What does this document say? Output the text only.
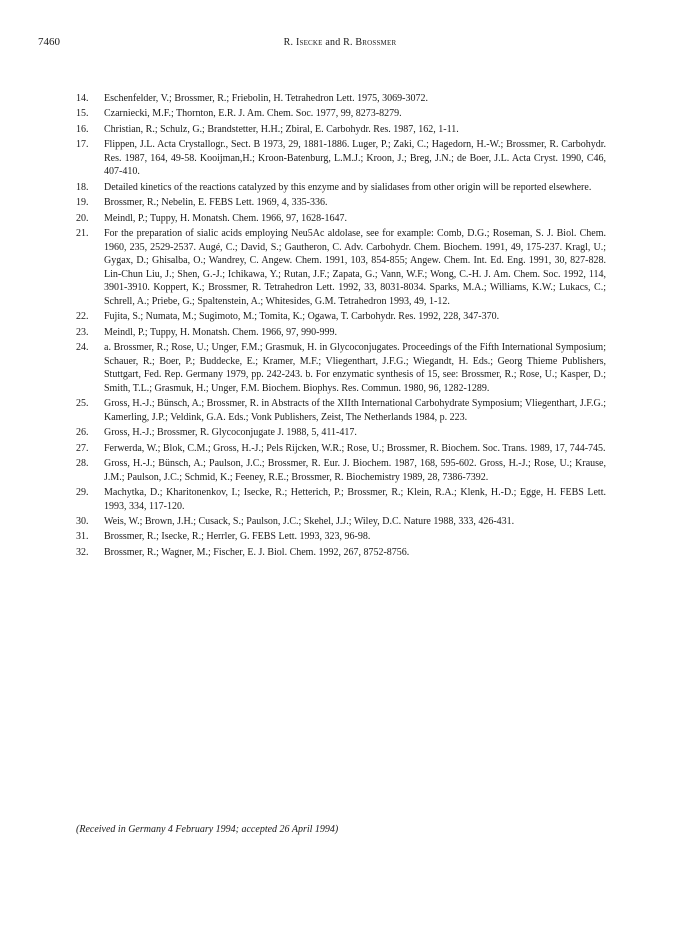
7460	R. Isecke and R. Brossmer
14. Eschenfelder, V.; Brossmer, R.; Friebolin, H. Tetrahedron Lett. 1975, 3069-3072.
15. Czarniecki, M.F.; Thornton, E.R. J. Am. Chem. Soc. 1977, 99, 8273-8279.
16. Christian, R.; Schulz, G.; Brandstetter, H.H.; Zbiral, E. Carbohydr. Res. 1987, 162, 1-11.
17. Flippen, J.L. Acta Crystallogr., Sect. B 1973, 29, 1881-1886. Luger, P.; Zaki, C.; Hagedorn, H.-W.; Brossmer, R. Carbohydr. Res. 1987, 164, 49-58. Kooijman,H.; Kroon-Batenburg, L.M.J.; Kroon, J.; Breg, J.N.; de Boer, J.L. Acta Cryst. 1990, C46, 407-410.
18. Detailed kinetics of the reactions catalyzed by this enzyme and by sialidases from other origin will be reported elsewhere.
19. Brossmer, R.; Nebelin, E. FEBS Lett. 1969, 4, 335-336.
20. Meindl, P.; Tuppy, H. Monatsh. Chem. 1966, 97, 1628-1647.
21. For the preparation of sialic acids employing Neu5Ac aldolase, see for example: Comb, D.G.; Roseman, S. J. Biol. Chem. 1960, 235, 2529-2537. Augé, C.; David, S.; Gautheron, C. Adv. Carbohydr. Chem. Biochem. 1991, 49, 175-237. Kragl, U.; Gygax, D.; Ghisalba, O.; Wandrey, C. Angew. Chem. 1991, 103, 854-855; Angew. Chem. Int. Ed. Eng. 1991, 30, 827-828. Lin-Chun Liu, J.; Shen, G.-J.; Ichikawa, Y.; Rutan, J.F.; Zapata, G.; Vann, W.F.; Wong, C.-H. J. Am. Chem. Soc. 1992, 114, 3901-3910. Koppert, K.; Brossmer, R. Tetrahedron Lett. 1992, 33, 8031-8034. Sparks, M.A.; Williams, K.W.; Lukacs, C.; Schrell, A.; Priebe, G.; Spaltenstein, A.; Whitesides, G.M. Tetrahedron 1993, 49, 1-12.
22. Fujita, S.; Numata, M.; Sugimoto, M.; Tomita, K.; Ogawa, T. Carbohydr. Res. 1992, 228, 347-370.
23. Meindl, P.; Tuppy, H. Monatsh. Chem. 1966, 97, 990-999.
24. a. Brossmer, R.; Rose, U.; Unger, F.M.; Grasmuk, H. in Glycoconjugates. Proceedings of the Fifth International Symposium; Schauer, R.; Boer, P.; Buddecke, E.; Kramer, M.F.; Vliegenthart, J.F.G.; Wiegandt, H. Eds.; Georg Thieme Publishers, Stuttgart, Fed. Rep. Germany 1979, pp. 242-243. b. For enzymatic synthesis of 15, see: Brossmer, R.; Rose, U.; Kasper, D.; Smith, T.L.; Grasmuk, H.; Unger, F.M. Biochem. Biophys. Res. Commun. 1980, 96, 1282-1289.
25. Gross, H.-J.; Bünsch, A.; Brossmer, R. in Abstracts of the XIIth International Carbohydrate Symposium; Vliegenthart, J.F.G.; Kamerling, J.P.; Veldink, G.A. Eds.; Vonk Publishers, Zeist, The Netherlands 1984, p. 223.
26. Gross, H.-J.; Brossmer, R. Glycoconjugate J. 1988, 5, 411-417.
27. Ferwerda, W.; Blok, C.M.; Gross, H.-J.; Pels Rijcken, W.R.; Rose, U.; Brossmer, R. Biochem. Soc. Trans. 1989, 17, 744-745.
28. Gross, H.-J.; Bünsch, A.; Paulson, J.C.; Brossmer, R. Eur. J. Biochem. 1987, 168, 595-602. Gross, H.-J.; Rose, U.; Krause, J.M.; Paulson, J.C.; Schmid, K.; Feeney, R.E.; Brossmer, R. Biochemistry 1989, 28, 7386-7392.
29. Machytka, D.; Kharitonenkov, I.; Isecke, R.; Hetterich, P.; Brossmer, R.; Klein, R.A.; Klenk, H.-D.; Egge, H. FEBS Lett. 1993, 334, 117-120.
30. Weis, W.; Brown, J.H.; Cusack, S.; Paulson, J.C.; Skehel, J.J.; Wiley, D.C. Nature 1988, 333, 426-431.
31. Brossmer, R.; Isecke, R.; Herrler, G. FEBS Lett. 1993, 323, 96-98.
32. Brossmer, R.; Wagner, M.; Fischer, E. J. Biol. Chem. 1992, 267, 8752-8756.
(Received in Germany 4 February 1994; accepted 26 April 1994)
